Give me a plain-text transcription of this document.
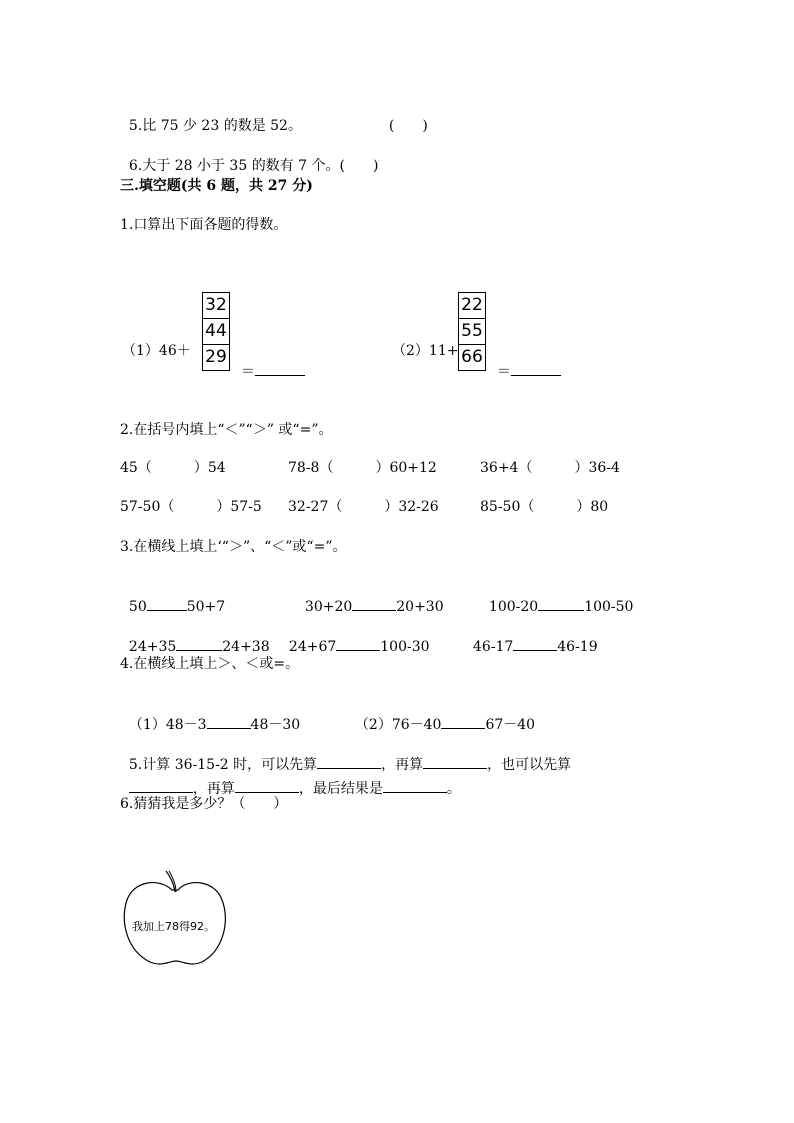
5.比 75 少 23 的数是 52。	(　　)

6.大于 28 小于 35 的数有 7 个。(　　)

三.填空题(共 6 题，共 27 分)
1.口算出下面各题的得数。
（1）46＋
32
44
29

＝

（2）11+
22
55
66

＝

2.在括号内填上“＜”“＞” 或“=”。
45（　　　）54	78-8（　　　）60+12	36+4（　　　）36-4
57-50（　　　）57-5 32-27（　　　）32-26	85-50（　　　）80
3.在横线上填上‘“＞”、“＜”或“=”。

50	50+7	30+20	20+30	100-20	100-50

24+35	24+38	24+67	100-30	46-17	46-19

4.在横线上填上＞、＜或=。

（1）48－3	48－30	（2）76－40	67－40

5.计算 36-15-2 时，可以先算	，再算	，也可以先算

，再算	，最后结果是	。

6.猜猜我是多少？（　　）
我加上78得92。
